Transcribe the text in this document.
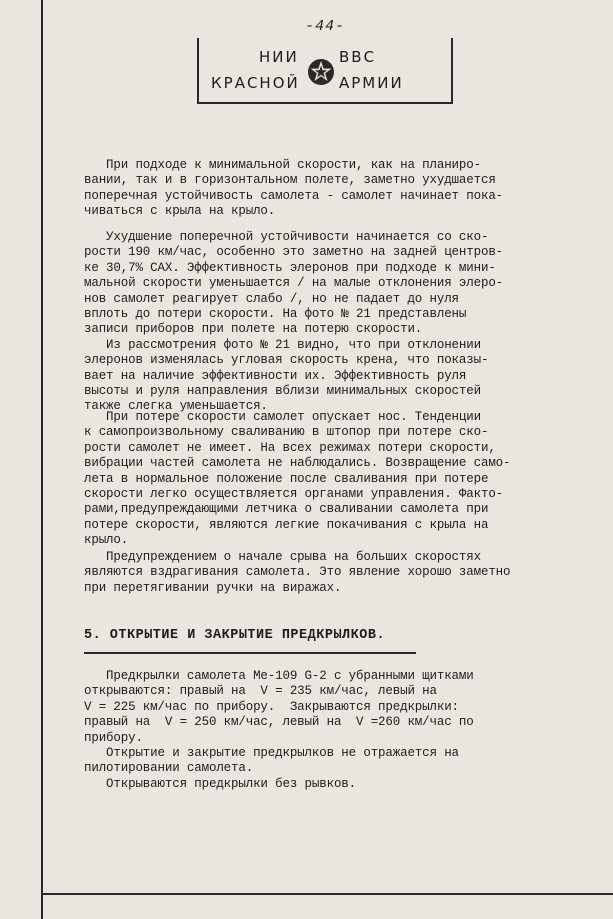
-44-
НИИ	ВВС
КРАСНОЙ	АРМИИ
При подходе к минимальной скорости, как на планиро-
вании, так и в горизонтальном полете, заметно ухудшается
поперечная устойчивость самолета - самолет начинает пока-
чиваться с крыла на крыло.
Ухудшение поперечной устойчивости начинается со ско-
рости 190 км/час, особенно это заметно на задней центров-
ке 30,7% САХ. Эффективность элеронов при подходе к мини-
мальной скорости уменьшается / на малые отклонения элеро-
нов самолет реагирует слабо /, но не падает до нуля
вплоть до потери скорости. На фото № 21 представлены
записи приборов при полете на потерю скорости.
Из рассмотрения фото № 21 видно, что при отклонении
элеронов изменялась угловая скорость крена, что показы-
вает на наличие эффективности их. Эффективность руля
высоты и руля направления вблизи минимальных скоростей
также слегка уменьшается.
При потере скорости самолет опускает нос. Тенденции
к самопроизвольному сваливанию в штопор при потере ско-
рости самолет не имеет. На всех режимах потери скорости,
вибрации частей самолета не наблюдались. Возвращение само-
лета в нормальное положение после сваливания при потере
скорости легко осуществляется органами управления. Факто-
рами,предупреждающими летчика о сваливании самолета при
потере скорости, являются легкие покачивания с крыла на
крыло.
Предупреждением о начале срыва на больших скоростях
являются вздрагивания самолета. Это явление хорошо заметно
при перетягивании ручки на виражах.
5. ОТКРЫТИЕ И ЗАКРЫТИЕ ПРЕДКРЫЛКОВ.
Предкрылки самолета Ме-109 G-2 с убранными щитками
открываются: правый на  V = 235 км/час, левый на
V = 225 км/час по прибору.  Закрываются предкрылки:
правый на  V = 250 км/час, левый на  V =260 км/час по
прибору.
Открытие и закрытие предкрылков не отражается на
пилотировании самолета.
Открываются предкрылки без рывков.
